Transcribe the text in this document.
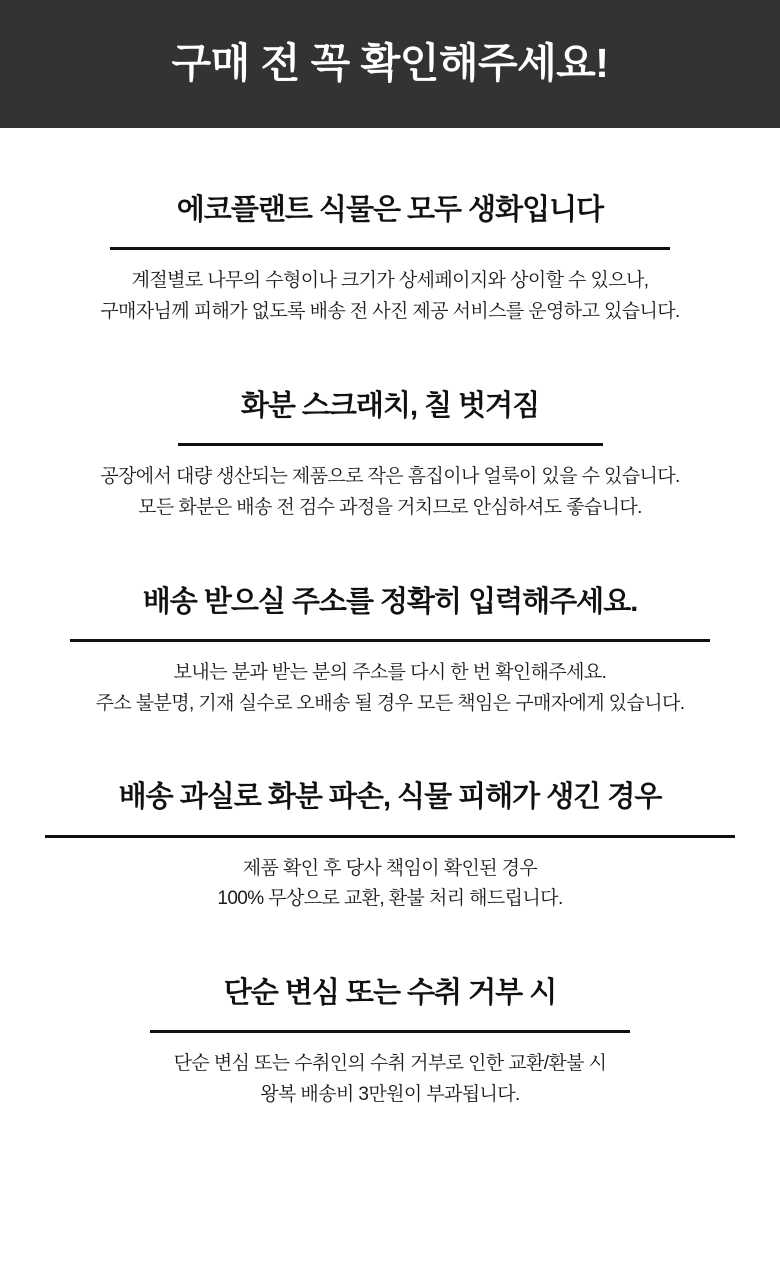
구매 전 꼭 확인해주세요!
에코플랜트 식물은 모두 생화입니다
계절별로 나무의 수형이나 크기가 상세페이지와 상이할 수 있으나,
구매자님께 피해가 없도록 배송 전 사진 제공 서비스를 운영하고 있습니다.
화분 스크래치, 칠 벗겨짐
공장에서 대량 생산되는 제품으로 작은 흠집이나 얼룩이 있을 수 있습니다.
모든 화분은 배송 전 검수 과정을 거치므로 안심하셔도 좋습니다.
배송 받으실 주소를 정확히 입력해주세요.
보내는 분과 받는 분의 주소를 다시 한 번 확인해주세요.
주소 불분명, 기재 실수로 오배송 될 경우 모든 책임은 구매자에게 있습니다.
배송 과실로 화분 파손, 식물 피해가 생긴 경우
제품 확인 후 당사 책임이 확인된 경우
100% 무상으로 교환, 환불 처리 해드립니다.
단순 변심 또는 수취 거부 시
단순 변심 또는 수취인의 수취 거부로 인한 교환/환불 시
왕복 배송비 3만원이 부과됩니다.
